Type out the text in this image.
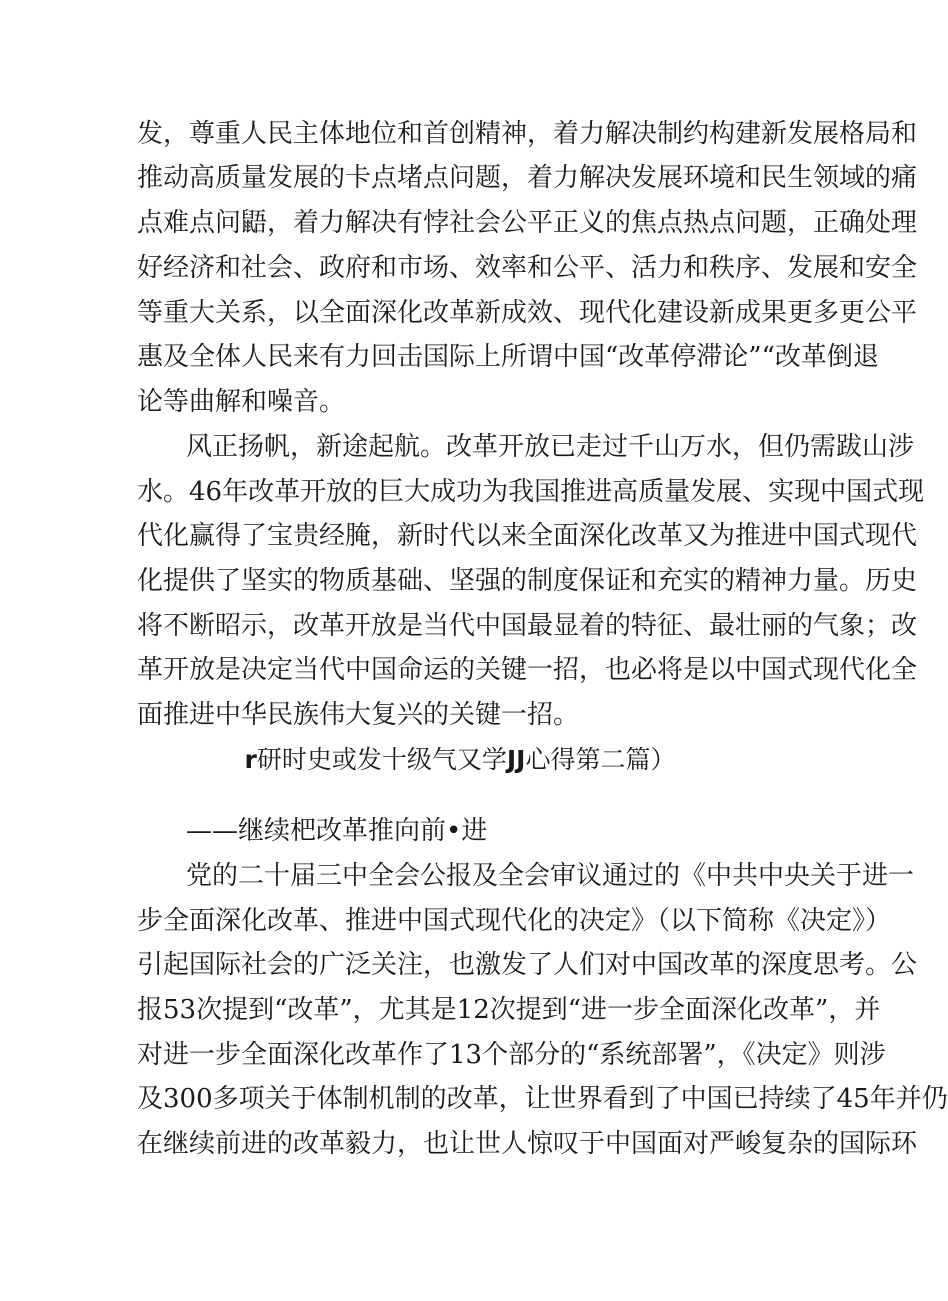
发，尊重人民主体地位和首创精神，着力解决制约构建新发展格局和
推动高质量发展的卡点堵点问题，着力解决发展环境和民生领域的痛
点难点问鼯，着力解决有悖社会公平正义的焦点热点问题，正确处理
好经济和社会、政府和市场、效率和公平、活力和秩序、发展和安全
等重大关系，以全面深化改革新成效、现代化建设新成果更多更公平
惠及全体人民来有力回击国际上所谓中国“改革停滞论”“改革倒退
论等曲解和噪音。
风正扬帆，新途起航。改革开放已走过千山万水，但仍需跋山涉
水。46年改革开放的巨大成功为我国推进高质量发展、实现中国式现
代化赢得了宝贵经腌，新时代以来全面深化改革又为推进中国式现代
化提供了坚实的物质基础、坚强的制度保证和充实的精神力量。历史
将不断昭示，改革开放是当代中国最显着的特征、最壮丽的气象；改
革开放是决定当代中国命运的关键一招，也必将是以中国式现代化全
面推进中华民族伟大复兴的关键一招。
r研时史或发十级气又学JJ心得第二篇）
——继续杷改革推向前•进
党的二十届三中全会公报及全会审议通过的《中共中央关于进一
步全面深化改革、推进中国式现代化的决定》（以下简称《决定》）
引起国际社会的广泛关注，也激发了人们对中国改革的深度思考。公
报53次提到“改革”，尤其是12次提到“进一步全面深化改革”，并
对进一步全面深化改革作了13个部分的“系统部署”，《决定》则涉
及300多项关于体制机制的改革，让世界看到了中国已持续了45年并仍
在继续前进的改革毅力，也让世人惊叹于中国面对严峻复杂的国际环
